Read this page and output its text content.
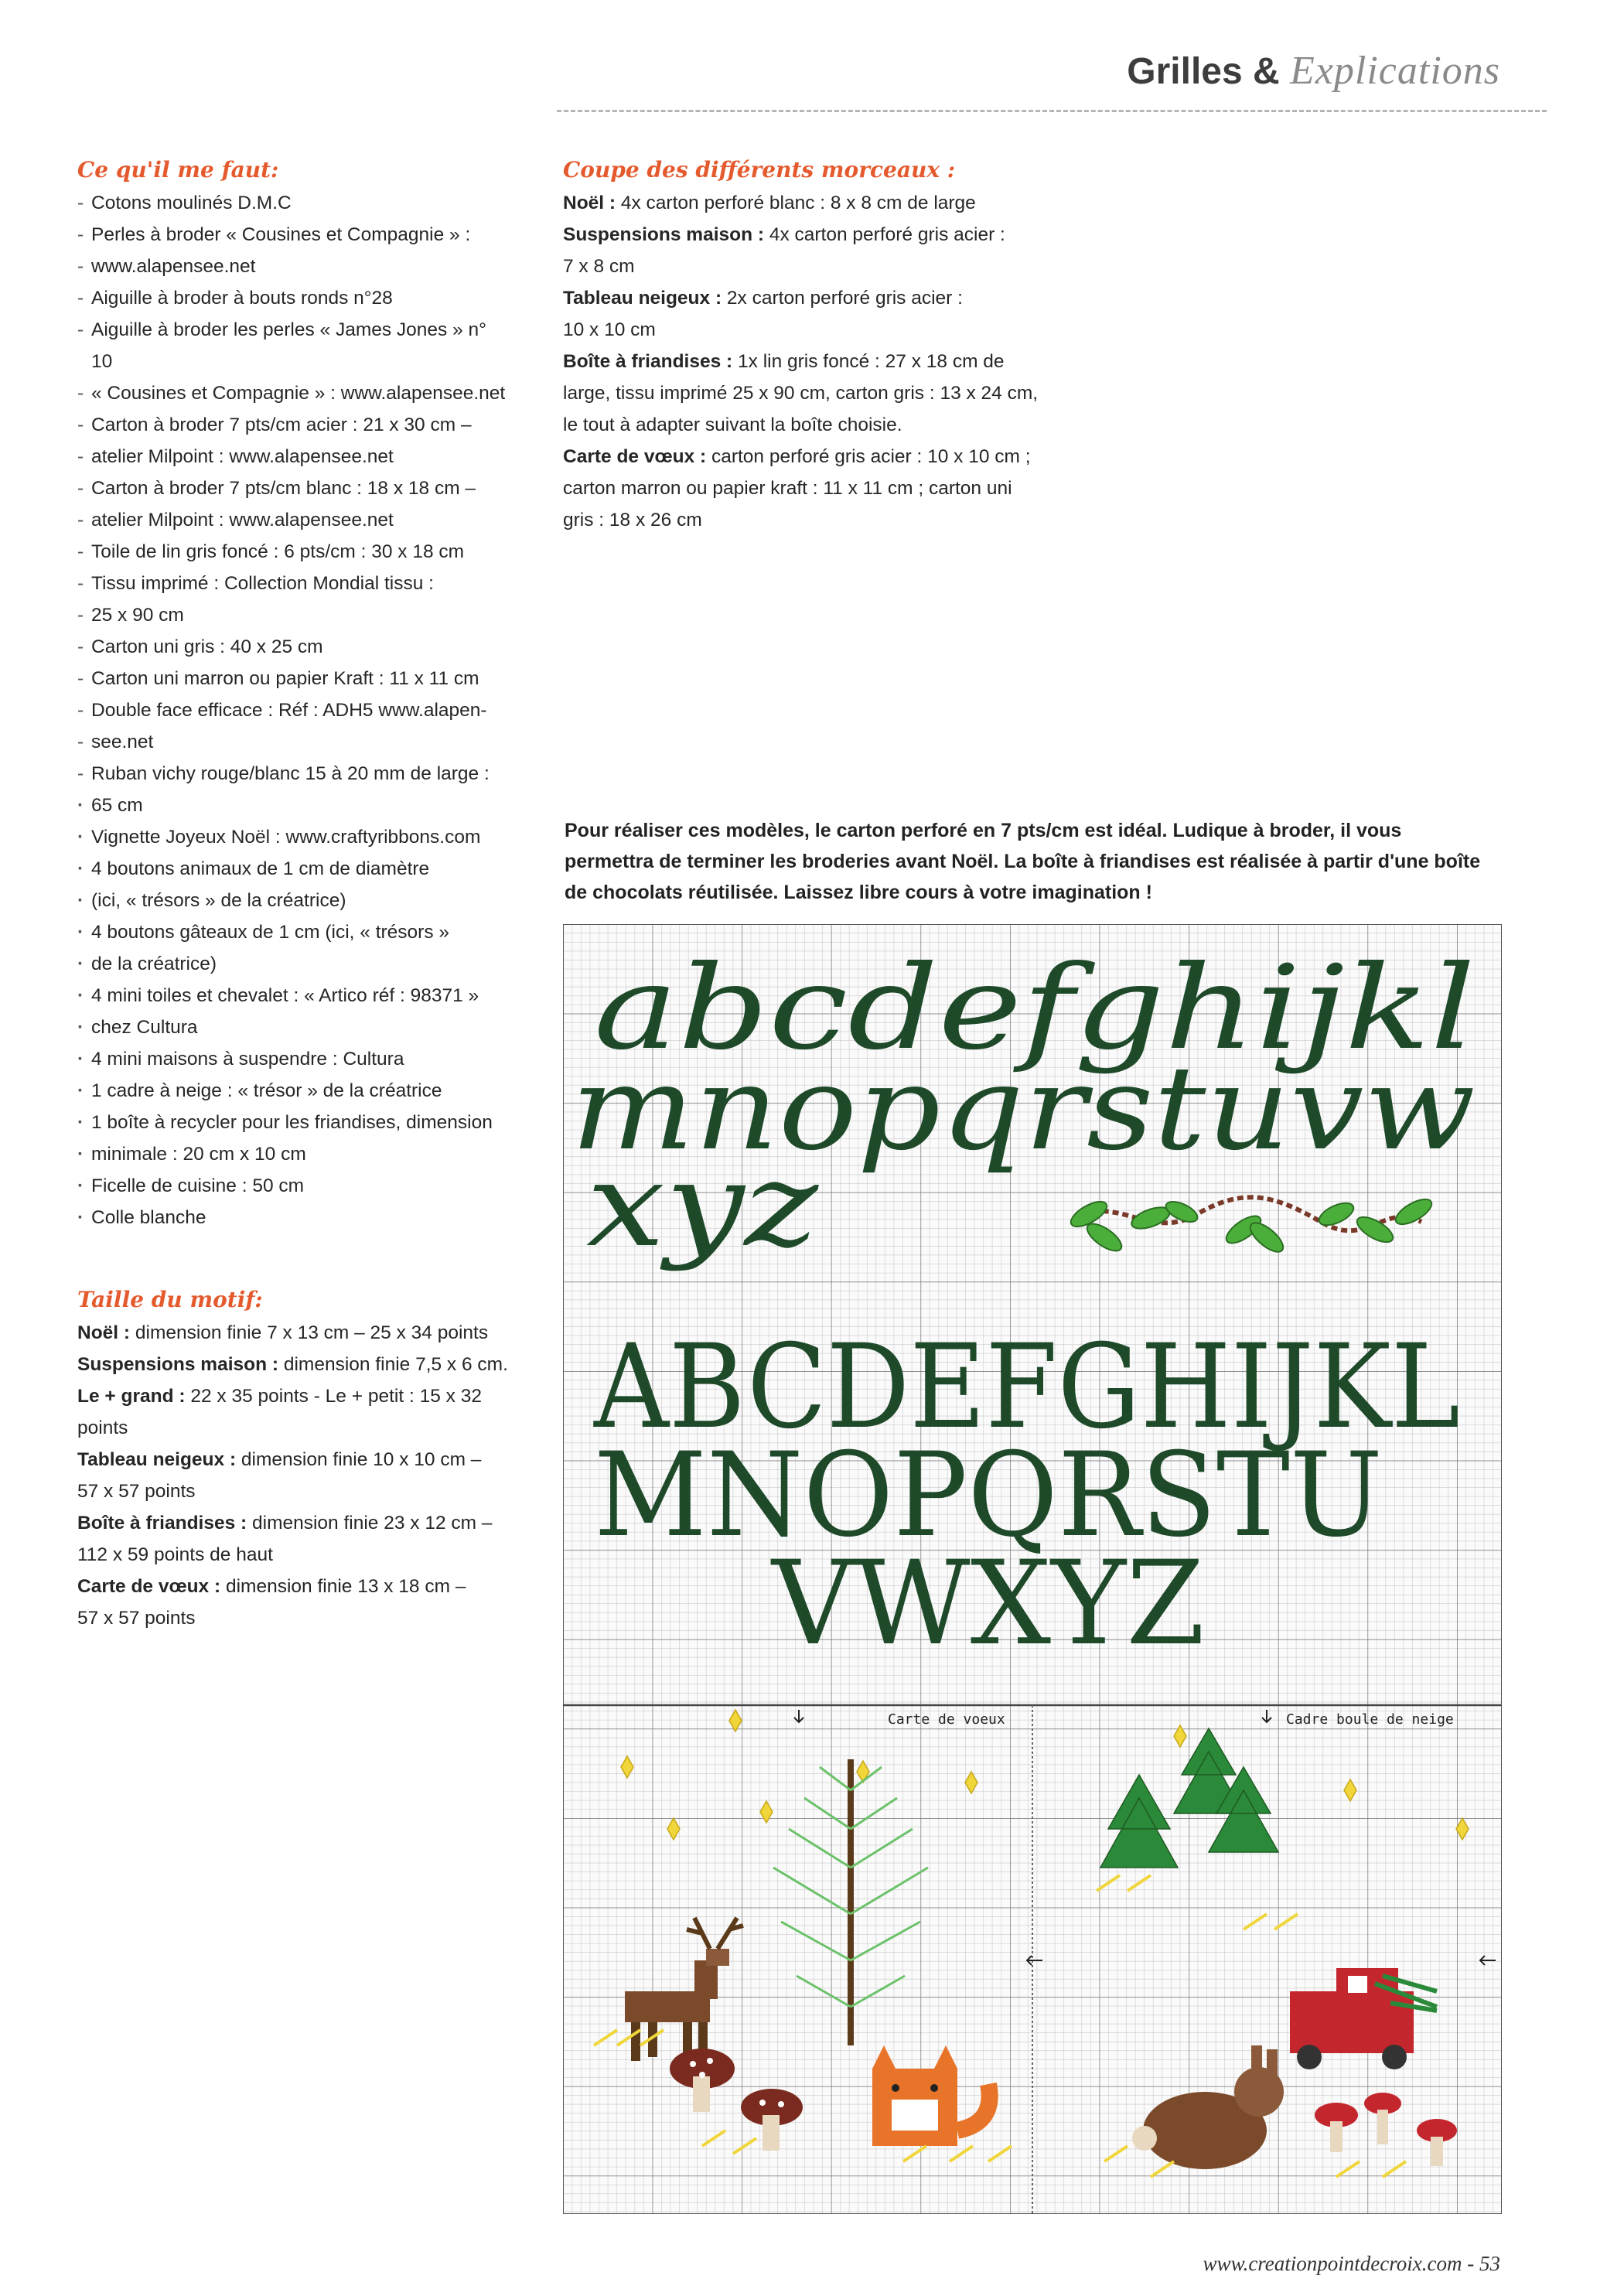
Grilles & Explications
Ce qu'il me faut:
- Cotons moulinés D.M.C
- Perles à broder « Cousines et Compagnie » :
- www.alapensee.net
- Aiguille à broder à bouts ronds n°28
- Aiguille à broder les perles « James Jones » n° 10
- « Cousines et Compagnie » : www.alapensee.net
- Carton à broder 7 pts/cm acier : 21 x 30 cm –
- atelier Milpoint : www.alapensee.net
- Carton à broder 7 pts/cm blanc : 18 x 18 cm –
- atelier Milpoint : www.alapensee.net
- Toile de lin gris foncé : 6 pts/cm : 30 x 18 cm
- Tissu imprimé : Collection Mondial tissu :
- 25 x 90 cm
- Carton uni gris : 40 x 25 cm
- Carton uni marron ou papier Kraft : 11 x 11 cm
- Double face efficace : Réf : ADH5 www.alapen-
- see.net
- Ruban vichy rouge/blanc 15 à 20 mm de large :
· 65 cm
· Vignette Joyeux Noël : www.craftyribbons.com
· 4 boutons animaux de 1 cm de diamètre
· (ici, « trésors » de la créatrice)
· 4 boutons gâteaux de 1 cm (ici, « trésors »
· de la créatrice)
· 4 mini toiles et chevalet : « Artico réf : 98371 »
· chez Cultura
· 4 mini maisons à suspendre : Cultura
· 1 cadre à neige : « trésor » de la créatrice
· 1 boîte à recycler pour les friandises, dimension
· minimale : 20 cm x 10 cm
· Ficelle de cuisine : 50 cm
· Colle blanche
Taille du motif:
Noël : dimension finie 7 x 13 cm – 25 x 34 points
Suspensions maison : dimension finie 7,5 x 6 cm.
Le + grand : 22 x 35 points - Le + petit : 15 x 32 points
Tableau neigeux : dimension finie 10 x 10 cm –
57 x 57 points
Boîte à friandises : dimension finie 23 x 12 cm –
112 x 59 points de haut
Carte de vœux : dimension finie 13 x 18 cm –
57 x 57 points
Coupe des différents morceaux :
Noël : 4x carton perforé blanc : 8 x 8 cm de large
Suspensions maison : 4x carton perforé gris acier :
7 x 8 cm
Tableau neigeux : 2x carton perforé gris acier :
10 x 10 cm
Boîte à friandises : 1x lin gris foncé : 27 x 18 cm de
large, tissu imprimé 25 x 90 cm, carton gris : 13 x 24 cm,
le tout à adapter suivant la boîte choisie.
Carte de vœux : carton perforé gris acier : 10 x 10 cm ;
carton marron ou papier kraft : 11 x 11 cm ; carton uni
gris : 18 x 26 cm
Pour réaliser ces modèles, le carton perforé en 7 pts/cm est idéal. Ludique à broder, il vous
permettra de terminer les broderies avant Noël. La boîte à friandises est réalisée à partir d'une boîte
de chocolats réutilisée. Laissez libre cours à votre imagination !
abcdefghijkl
mnopqrstuvw
xyz
ABCDEFGHIJKL
MNOPQRSTU
VWXYZ
Carte de voeux	Cadre boule de neige
www.creationpointdecroix.com - 53
